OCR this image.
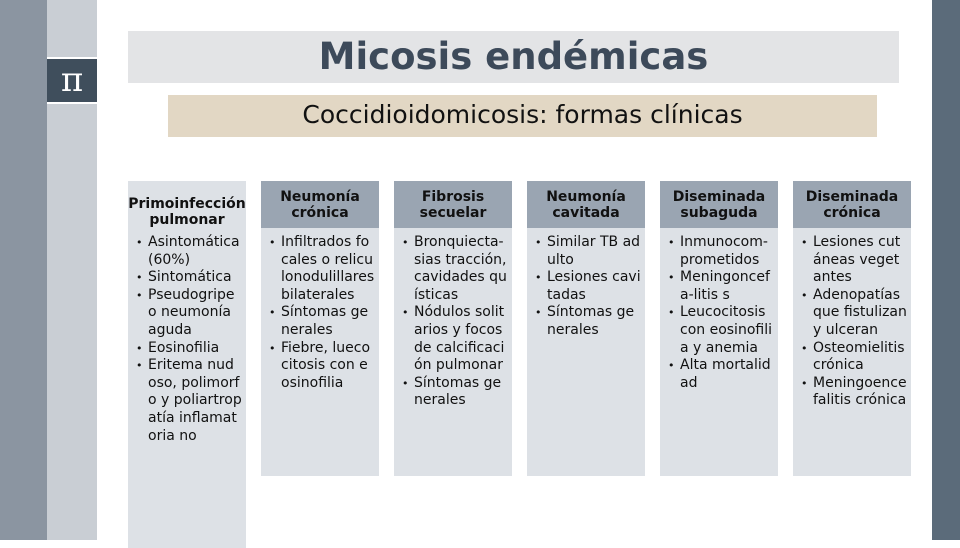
π
Micosis endémicas
Coccidioidomicosis: formas clínicas
Primoinfección pulmonar
• Asintomática (60%)
• Sintomática
• Pseudogripe o neumonía aguda
• Eosinofilia
• Eritema nudoso, polimorfo y poliartropatía inflamatoria no
Neumonía crónica
• Infiltrados focales o reliculonodulillares bilaterales
• Síntomas generales
• Fiebre, luecocitosis con eosinofilia
Fibrosis secuelar
• Bronquiecta-sias tracción, cavidades quísticas
• Nódulos solitarios y focos de calcificación pulmonar
• Síntomas generales
Neumonía cavitada
• Similar TB adulto
• Lesiones cavitadas
• Síntomas generales
Diseminada subaguda
• Inmunocom-prometidos
• Meningoncefa-litis s
• Leucocitosis con eosinofilia y anemia
• Alta mortalidad
Diseminada crónica
• Lesiones cutáneas vegetantes
• Adenopatías que fistulizan y ulceran
• Osteomielitis crónica
• Meningoencefalitis crónica
